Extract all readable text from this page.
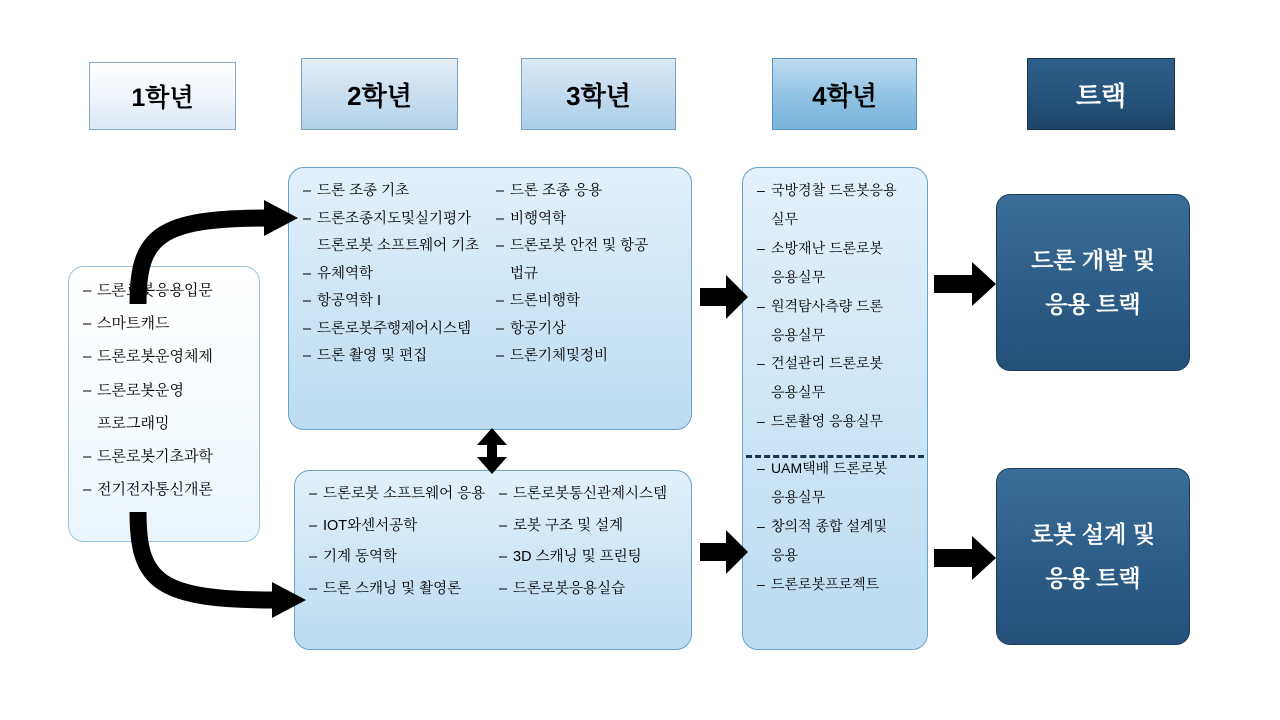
1학년	2학년	3학년	4학년	트랙
– 드론로봇응용입문
– 스마트캐드
– 드론로봇운영체제
– 드론로봇운영
프로그래밍
– 드론로봇기초과학
– 전기전자통신개론
– 드론 조종 기초
– 드론조종지도및실기평가
드론로봇 소프트웨어 기초
– 유체역학
– 항공역학 I
– 드론로봇주행제어시스템
– 드론 촬영 및 편집
– 드론 조종 응용
– 비행역학
– 드론로봇 안전 및 항공
법규
– 드론비행학
– 항공기상
– 드론기체및정비
– 드론로봇 소프트웨어 응용
– IOT와센서공학
– 기계 동역학
– 드론 스캐닝 및 촬영론
– 드론로봇통신관제시스템
– 로봇 구조 및 설계
– 3D 스캐닝 및 프린팅
– 드론로봇응용실습
– 국방경찰 드론봇응용
실무
– 소방재난 드론로봇
응용실무
– 원격탐사측량 드론
응용실무
– 건설관리 드론로봇
응용실무
– 드론촬영 응용실무
– UAM택배 드론로봇
응용실무
– 창의적 종합 설계및
응용
– 드론로봇프로젝트
드론 개발 및
응용 트랙
로봇 설계 및
응용 트랙
